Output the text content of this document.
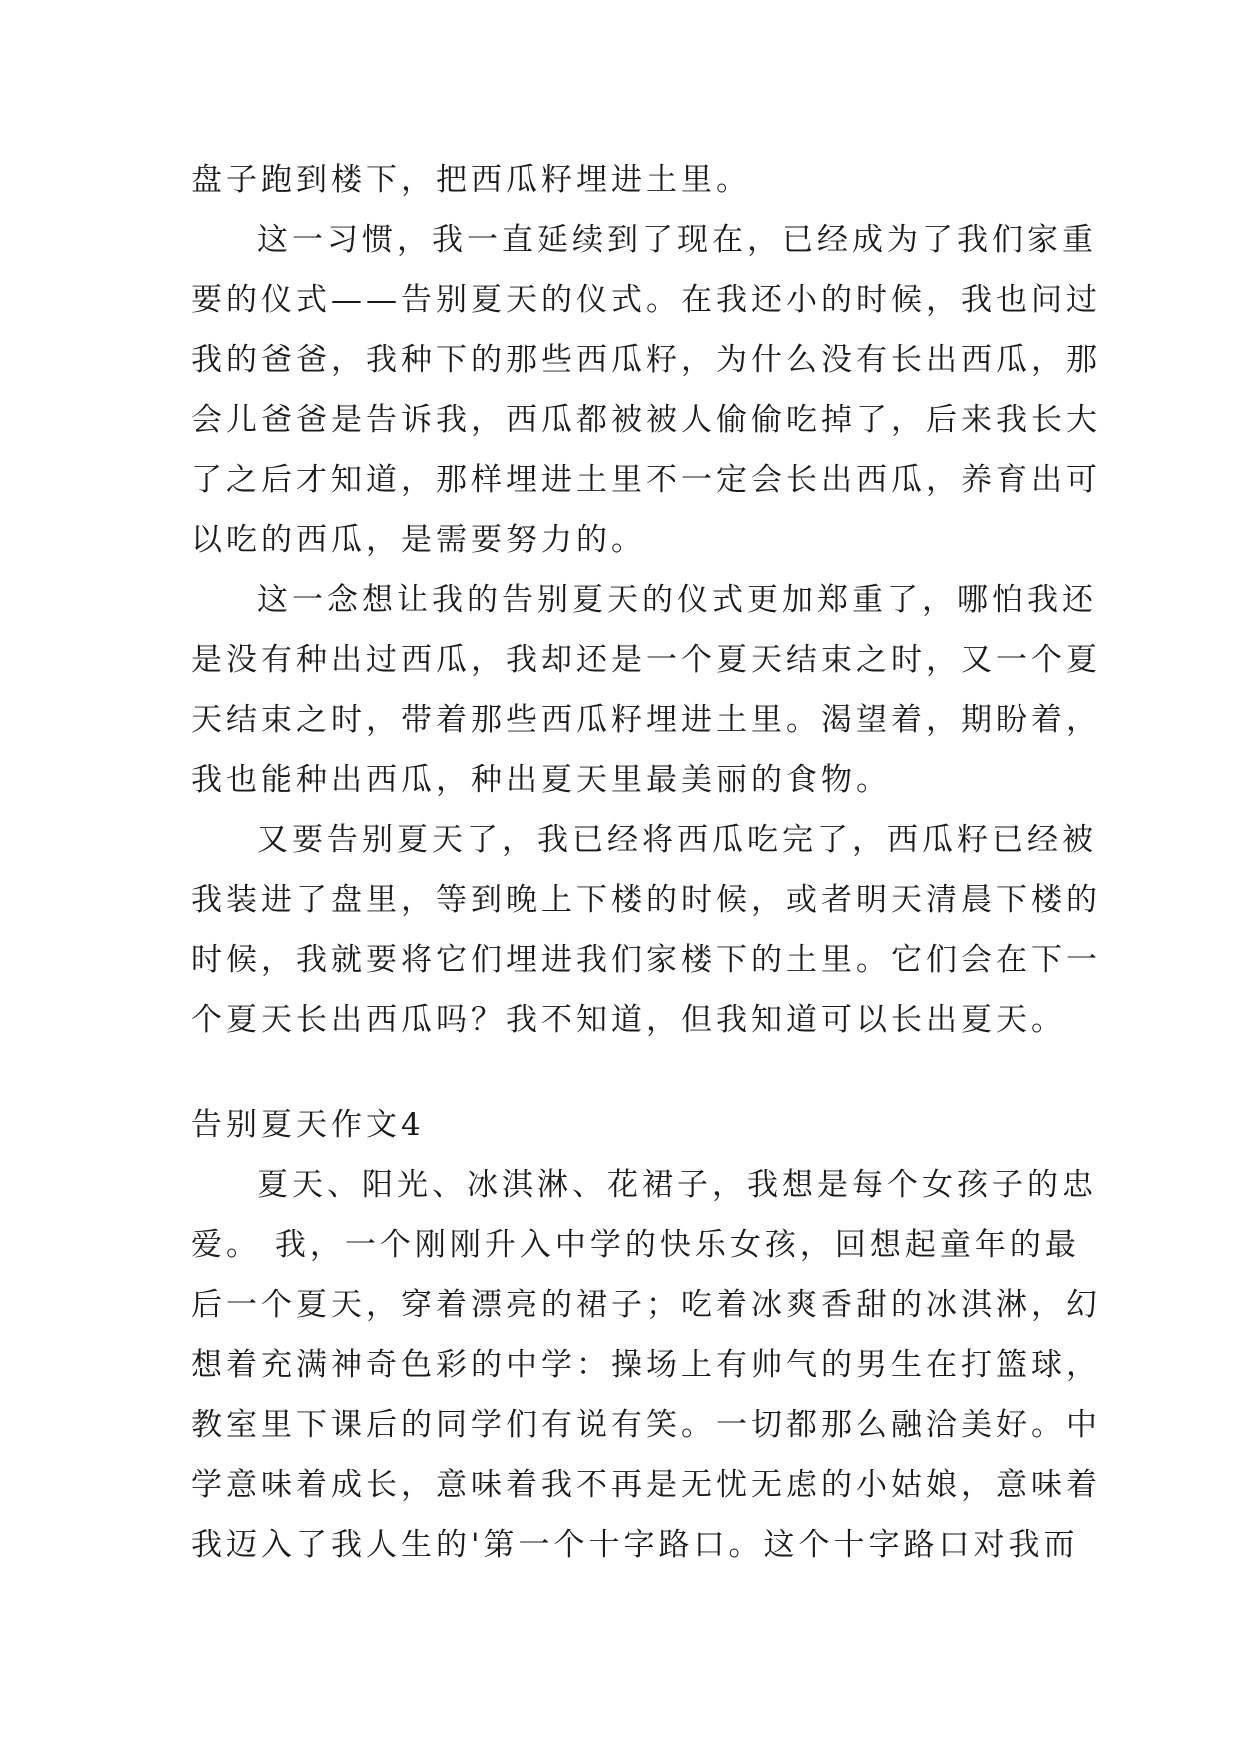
盘子跑到楼下，把西瓜籽埋进土里。
这一习惯，我一直延续到了现在，已经成为了我们家重
要的仪式——告别夏天的仪式。在我还小的时候，我也问过
我的爸爸，我种下的那些西瓜籽，为什么没有长出西瓜，那
会儿爸爸是告诉我，西瓜都被被人偷偷吃掉了，后来我长大
了之后才知道，那样埋进土里不一定会长出西瓜，养育出可
以吃的西瓜，是需要努力的。
这一念想让我的告别夏天的仪式更加郑重了，哪怕我还
是没有种出过西瓜，我却还是一个夏天结束之时，又一个夏
天结束之时，带着那些西瓜籽埋进土里。渴望着，期盼着，
我也能种出西瓜，种出夏天里最美丽的食物。
又要告别夏天了，我已经将西瓜吃完了，西瓜籽已经被
我装进了盘里，等到晚上下楼的时候，或者明天清晨下楼的
时候，我就要将它们埋进我们家楼下的土里。它们会在下一
个夏天长出西瓜吗？我不知道，但我知道可以长出夏天。
告别夏天作文4
夏天、阳光、冰淇淋、花裙子，我想是每个女孩子的忠
爱。 我，一个刚刚升入中学的快乐女孩，回想起童年的最
后一个夏天，穿着漂亮的裙子；吃着冰爽香甜的冰淇淋，幻
想着充满神奇色彩的中学：操场上有帅气的男生在打篮球，
教室里下课后的同学们有说有笑。一切都那么融洽美好。中
学意味着成长，意味着我不再是无忧无虑的小姑娘，意味着
我迈入了我人生的'第一个十字路口。这个十字路口对我而
